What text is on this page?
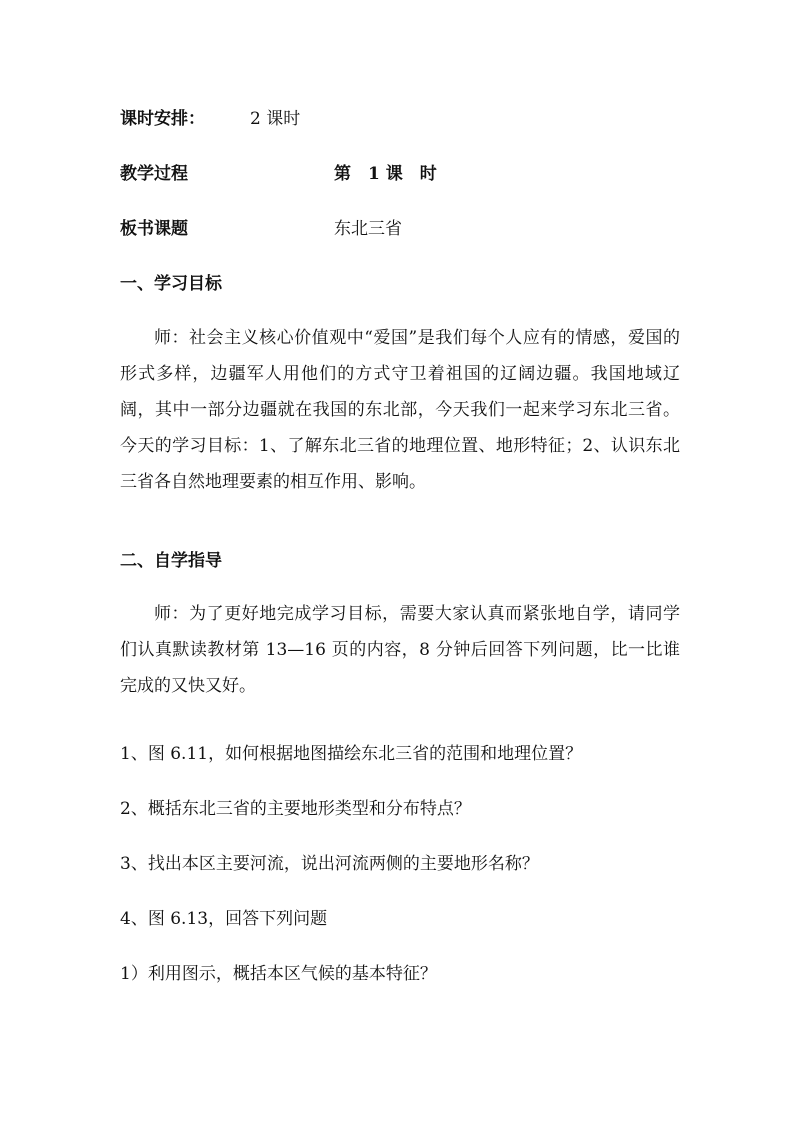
课时安排：	2 课时
教学过程	第　1 课　时
板书课题	东北三省
一、学习目标
师：社会主义核心价值观中“爱国”是我们每个人应有的情感，爱国的形式多样，边疆军人用他们的方式守卫着祖国的辽阔边疆。我国地域辽阔，其中一部分边疆就在我国的东北部，今天我们一起来学习东北三省。今天的学习目标：1、了解东北三省的地理位置、地形特征；2、认识东北三省各自然地理要素的相互作用、影响。
二、自学指导
师：为了更好地完成学习目标，需要大家认真而紧张地自学，请同学们认真默读教材第 13—16 页的内容，8 分钟后回答下列问题，比一比谁完成的又快又好。
1、图 6.11，如何根据地图描绘东北三省的范围和地理位置？
2、概括东北三省的主要地形类型和分布特点？
3、找出本区主要河流，说出河流两侧的主要地形名称？
4、图 6.13，回答下列问题
1）利用图示，概括本区气候的基本特征？
